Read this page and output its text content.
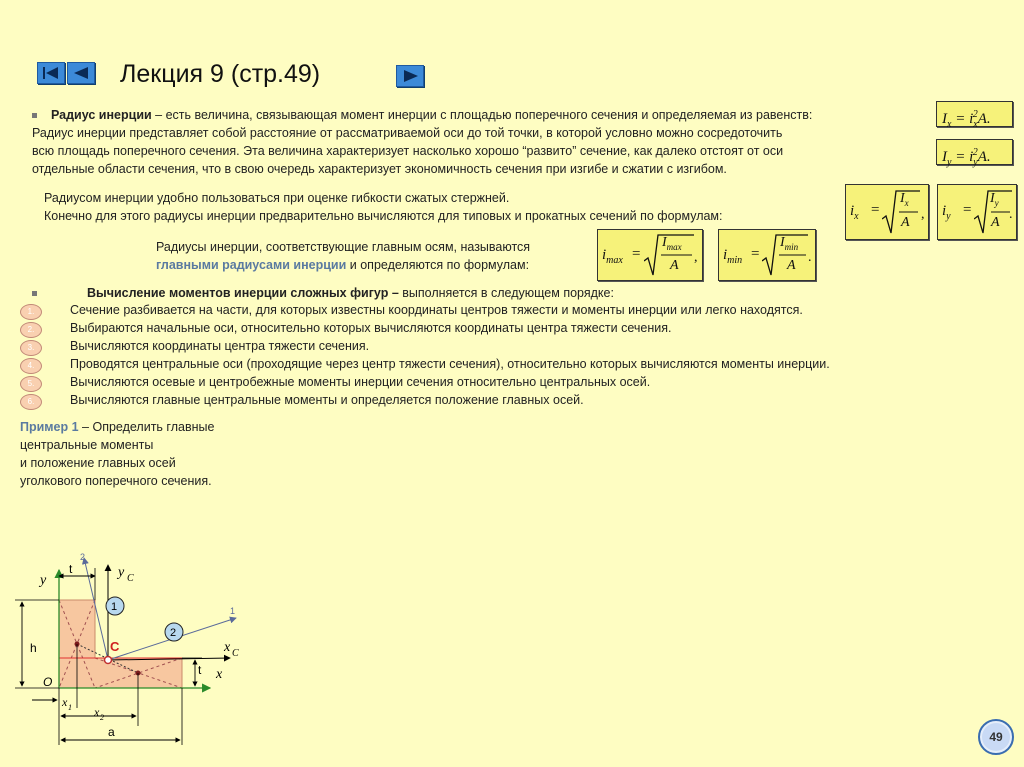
Лекция 9 (стр.49)
Радиус инерции – есть величина, связывающая момент инерции с площадью поперечного сечения и определяемая из равенств:
Радиус инерции представляет собой расстояние от рассматриваемой оси до той точки, в которой условно можно сосредоточить
всю площадь поперечного сечения. Эта величина характеризует насколько хорошо “развито” сечение, как далеко отстоят от оси
отдельные области сечения, что в свою очередь характеризует экономичность сечения при изгибе и сжатии с изгибом.
$I_x = i_x^2A$.
$I_y = i_y^2A$.
Радиусом инерции удобно пользоваться при оценке гибкости сжатых стержней.
Конечно для этого радиусы инерции предварительно вычисляются для типовых и прокатных сечений по формулам:	$i_x$ =
$I_x$
A
, $i_y$ =
$I_y$
A
.
Радиусы инерции, соответствующие главным осям, называются
главными радиусами инерции и определяются по формулам:
$i_{max}$ =
$I_{max}$
A
, $i_{min}$ =
$I_{min}$
A
.
Вычисление моментов инерции сложных фигур – выполняется в следующем порядке:
1.	Сечение разбивается на части, для которых известны координаты центров тяжести и моменты инерции или легко находятся.
2.	Выбираются начальные оси, относительно которых вычисляются координаты центра тяжести сечения.
3.	Вычисляются координаты центра тяжести сечения.
4.	Проводятся центральные оси (проходящие через центр тяжести сечения), относительно которых вычисляются моменты инерции.
5.	Вычисляются осевые и центробежные моменты инерции сечения относительно центральных осей.
6.	Вычисляются главные центральные моменты и определяется положение главных осей.
Пример 1 – Определить главные
центральные моменты
и положение главных осей
уголкового поперечного сечения.
y
t
2
y C
1
1
2
C	x C
h
t x
O
x 1 x 2
a	49
